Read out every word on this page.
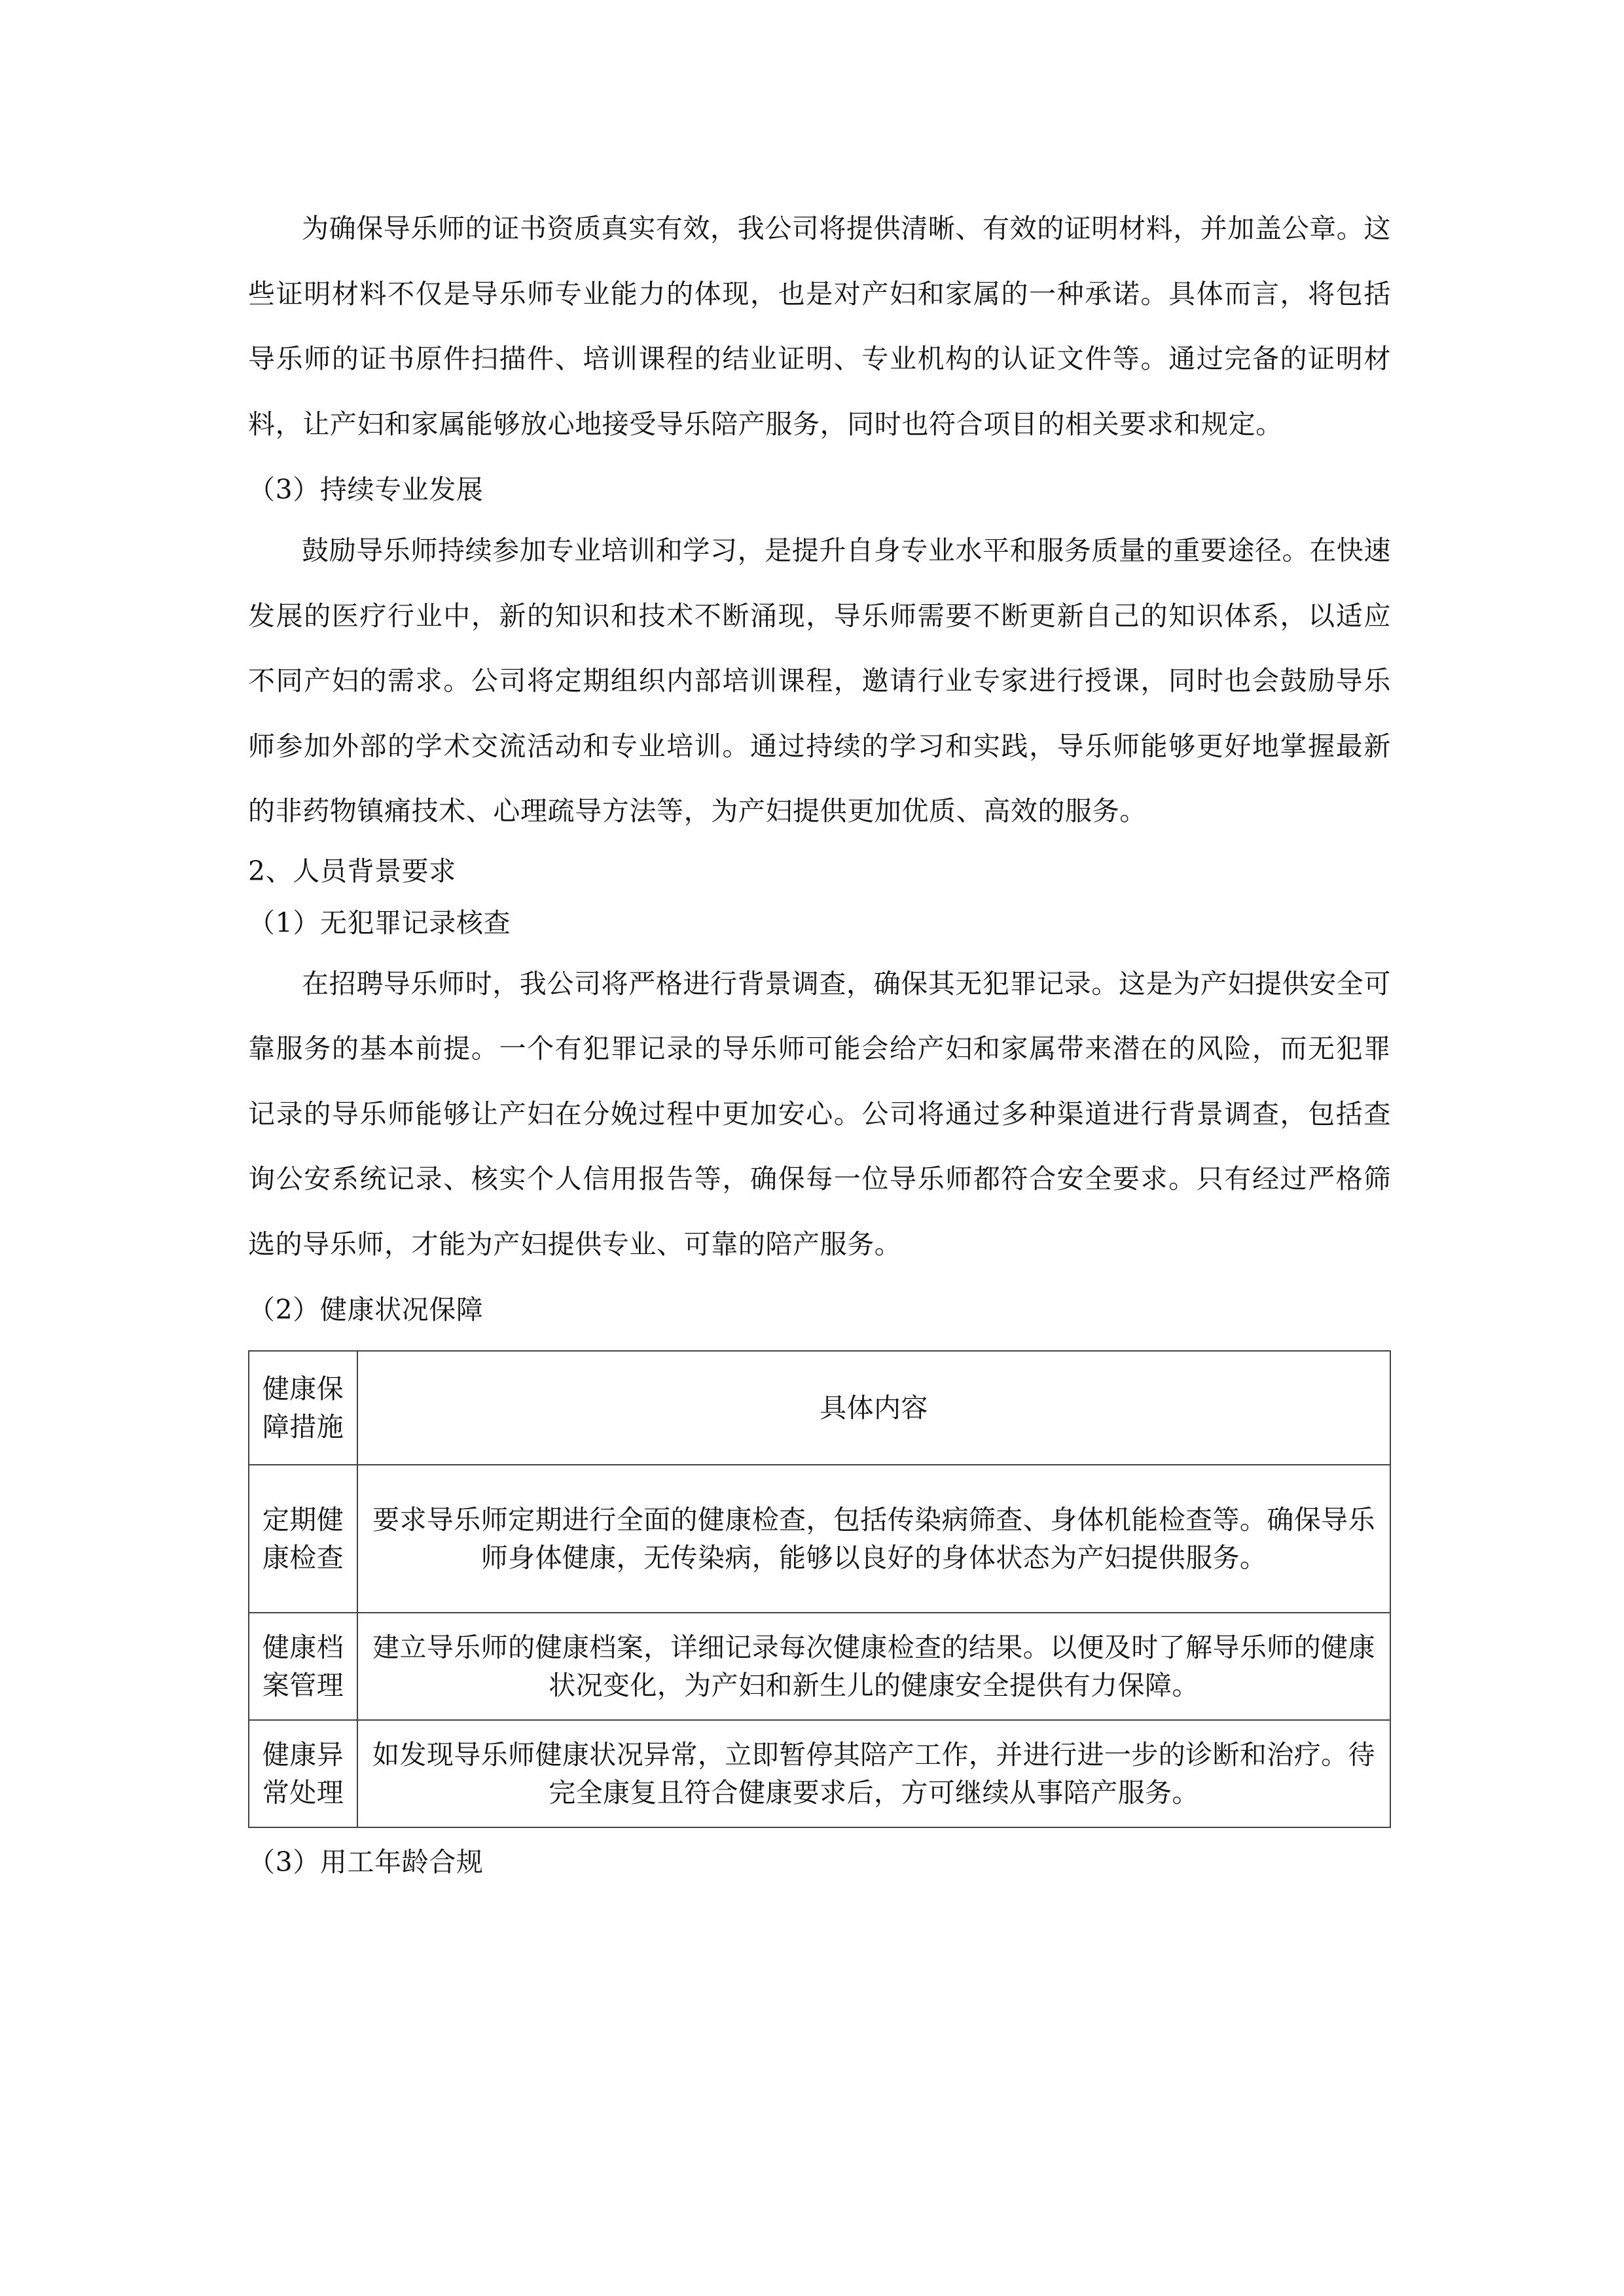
为确保导乐师的证书资质真实有效，我公司将提供清晰、有效的证明材料，并加盖公章。这些证明材料不仅是导乐师专业能力的体现，也是对产妇和家属的一种承诺。具体而言，将包括导乐师的证书原件扫描件、培训课程的结业证明、专业机构的认证文件等。通过完备的证明材料，让产妇和家属能够放心地接受导乐陪产服务，同时也符合项目的相关要求和规定。

（3）持续专业发展

鼓励导乐师持续参加专业培训和学习，是提升自身专业水平和服务质量的重要途径。在快速发展的医疗行业中，新的知识和技术不断涌现，导乐师需要不断更新自己的知识体系，以适应不同产妇的需求。公司将定期组织内部培训课程，邀请行业专家进行授课，同时也会鼓励导乐师参加外部的学术交流活动和专业培训。通过持续的学习和实践，导乐师能够更好地掌握最新的非药物镇痛技术、心理疏导方法等，为产妇提供更加优质、高效的服务。

2、人员背景要求

（1）无犯罪记录核查

在招聘导乐师时，我公司将严格进行背景调查，确保其无犯罪记录。这是为产妇提供安全可靠服务的基本前提。一个有犯罪记录的导乐师可能会给产妇和家属带来潜在的风险，而无犯罪记录的导乐师能够让产妇在分娩过程中更加安心。公司将通过多种渠道进行背景调查，包括查询公安系统记录、核实个人信用报告等，确保每一位导乐师都符合安全要求。只有经过严格筛选的导乐师，才能为产妇提供专业、可靠的陪产服务。

（2）健康状况保障

健康保障措施	具体内容
定期健康检查	要求导乐师定期进行全面的健康检查，包括传染病筛查、身体机能检查等。确保导乐师身体健康，无传染病，能够以良好的身体状态为产妇提供服务。
健康档案管理	建立导乐师的健康档案，详细记录每次健康检查的结果。以便及时了解导乐师的健康状况变化，为产妇和新生儿的健康安全提供有力保障。
健康异常处理	如发现导乐师健康状况异常，立即暂停其陪产工作，并进行进一步的诊断和治疗。待完全康复且符合健康要求后，方可继续从事陪产服务。

（3）用工年龄合规
